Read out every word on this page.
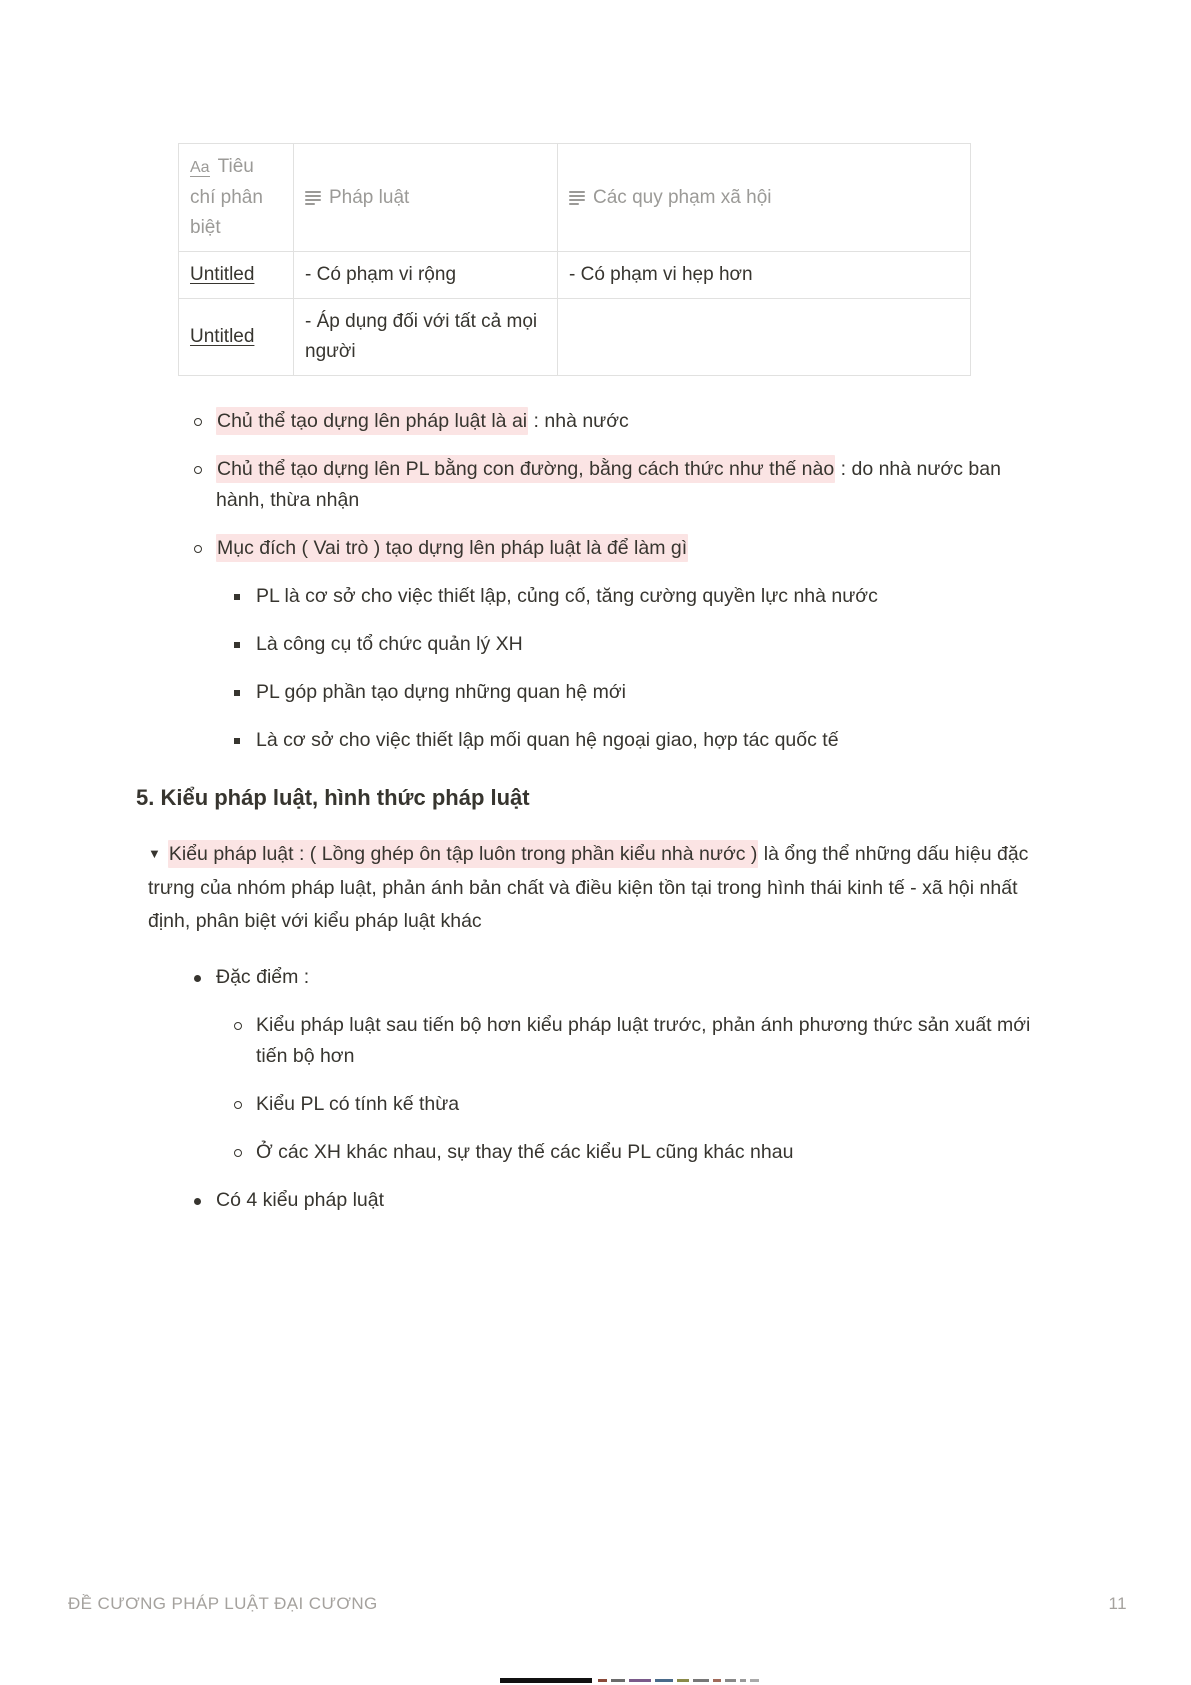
Aa Tiêu chí phân biệt	Pháp luật	Các quy phạm xã hội
Untitled	- Có phạm vi rộng	- Có phạm vi hẹp hơn
Untitled	- Áp dụng đối với tất cả mọi người	
Chủ thể tạo dựng lên pháp luật là ai : nhà nước
Chủ thể tạo dựng lên PL bằng con đường, bằng cách thức như thế nào : do nhà nước ban hành, thừa nhận
Mục đích ( Vai trò ) tạo dựng lên pháp luật là để làm gì
PL là cơ sở cho việc thiết lập, củng cố, tăng cường quyền lực nhà nước
Là công cụ tổ chức quản lý XH
PL góp phần tạo dựng những quan hệ mới
Là cơ sở cho việc thiết lập mối quan hệ ngoại giao, hợp tác quốc tế
5. Kiểu pháp luật, hình thức pháp luật
▼ Kiểu pháp luật : ( Lồng ghép ôn tập luôn trong phần kiểu nhà nước ) là ổng thể những dấu hiệu đặc trưng của nhóm pháp luật, phản ánh bản chất và điều kiện tồn tại trong hình thái kinh tế - xã hội nhất định, phân biệt với kiểu pháp luật khác
Đặc điểm :
Kiểu pháp luật sau tiến bộ hơn kiểu pháp luật trước, phản ánh phương thức sản xuất mới tiến bộ hơn
Kiểu PL có tính kế thừa
Ở các XH khác nhau, sự thay thế các kiểu PL cũng khác nhau
Có 4 kiểu pháp luật
ĐỀ CƯƠNG PHÁP LUẬT ĐẠI CƯƠNG	11
